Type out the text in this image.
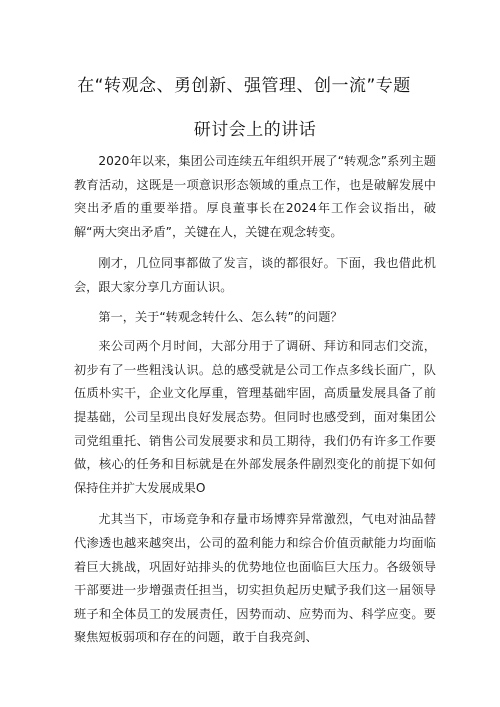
在“转观念、勇创新、强管理、创一流”专题
研讨会上的讲话

2020年以来，集团公司连续五年组织开展了“转观念”系列主题教育活动，这既是一项意识形态领域的重点工作，也是破解发展中突出矛盾的重要举措。厚良董事长在2024年工作会议指出，破解“两大突出矛盾”，关键在人，关键在观念转变。

刚才，几位同事都做了发言，谈的都很好。下面，我也借此机会，跟大家分享几方面认识。

第一，关于“转观念转什么、怎么转”的问题？

来公司两个月时间，大部分用于了调研、拜访和同志们交流，初步有了一些粗浅认识。总的感受就是公司工作点多线长面广，队伍质朴实干，企业文化厚重，管理基础牢固，高质量发展具备了前提基础，公司呈现出良好发展态势。但同时也感受到，面对集团公司党组重托、销售公司发展要求和员工期待，我们仍有许多工作要做，核心的任务和目标就是在外部发展条件剧烈变化的前提下如何保持住并扩大发展成果O

尤其当下，市场竞争和存量市场博弈异常激烈，气电对油品替代渗透也越来越突出，公司的盈利能力和综合价值贡献能力均面临着巨大挑战，巩固好站排头的优势地位也面临巨大压力。各级领导干部要进一步增强责任担当，切实担负起历史赋予我们这一届领导班子和全体员工的发展责任，因势而动、应势而为、科学应变。要聚焦短板弱项和存在的问题，敢于自我亮剑、
